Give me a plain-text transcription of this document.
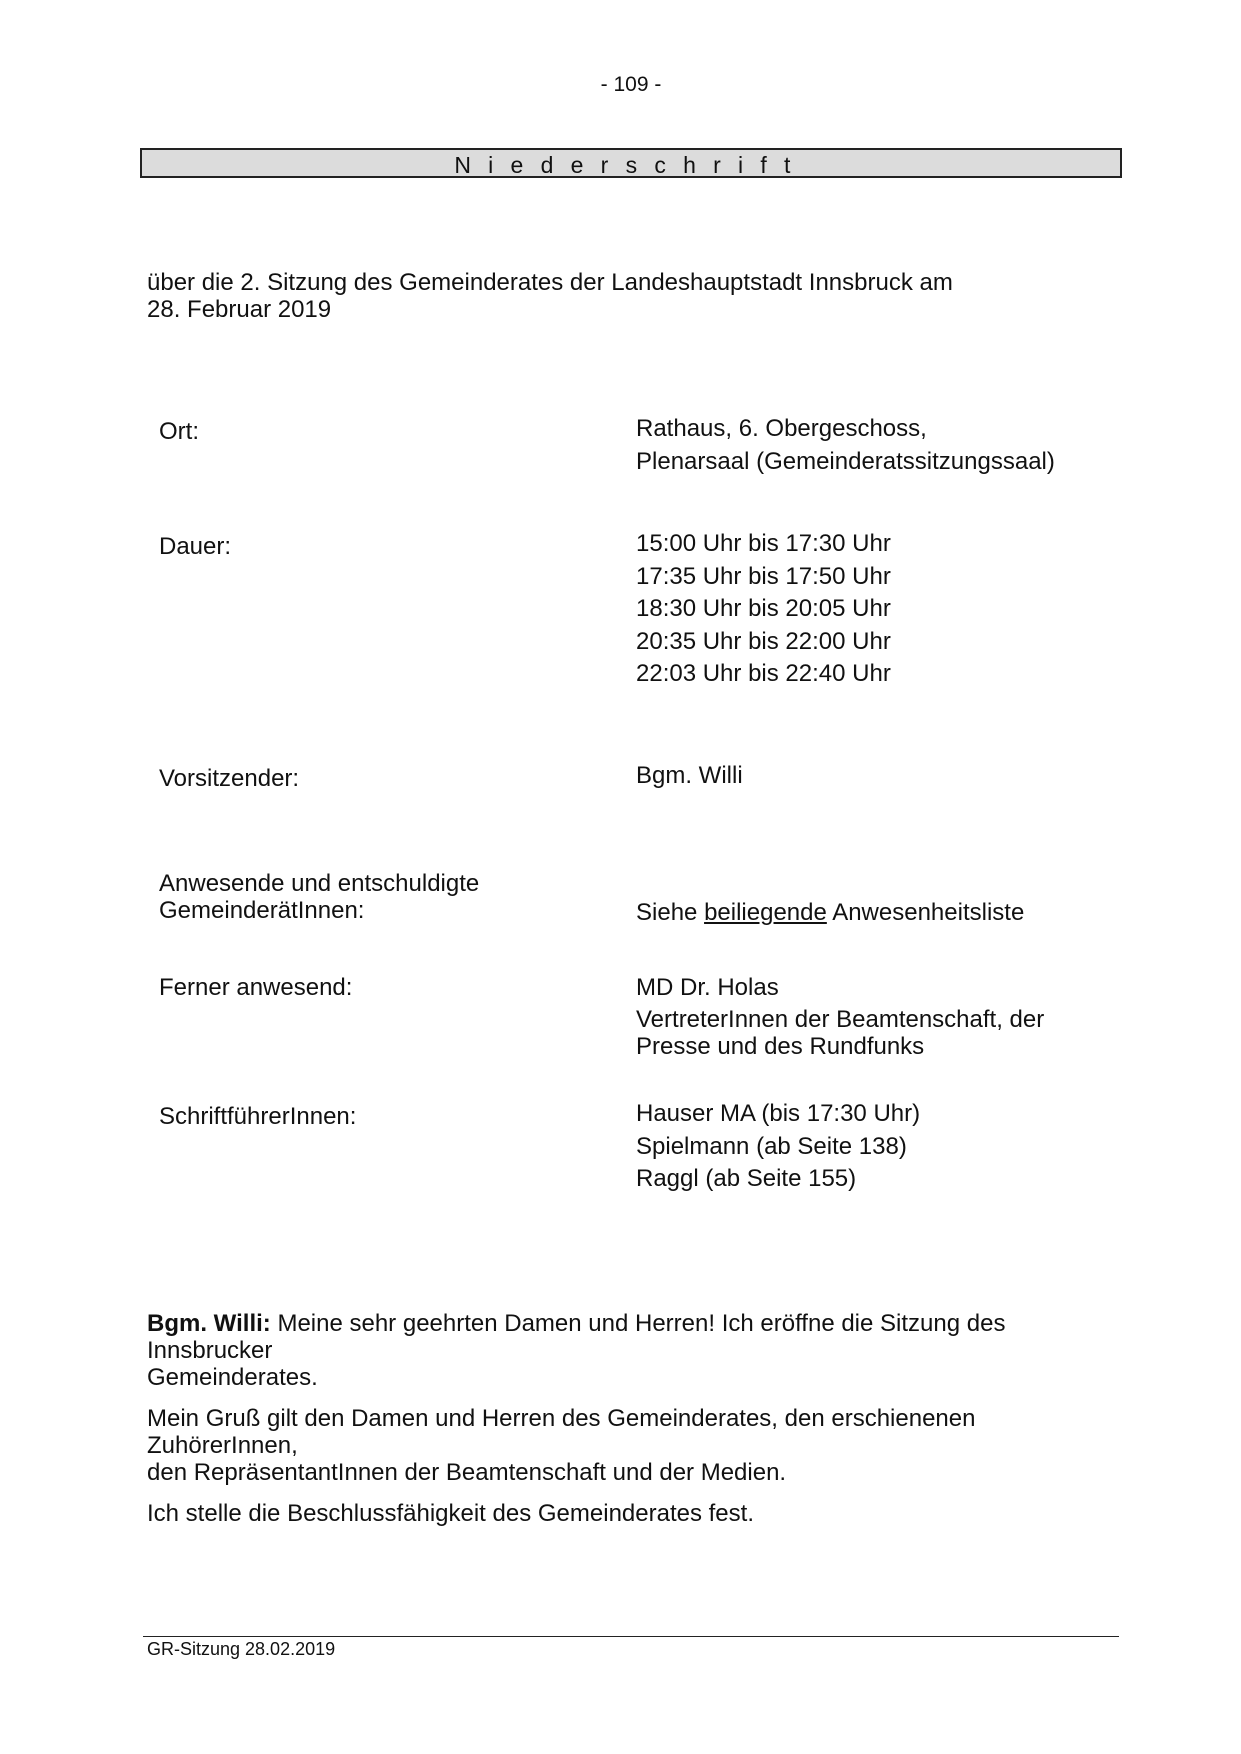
- 109 -
Niederschrift
über die 2. Sitzung des Gemeinderates der Landeshauptstadt Innsbruck am
28. Februar 2019
Ort:	Rathaus, 6. Obergeschoss,
Plenarsaal (Gemeinderatssitzungssaal)
Dauer:	15:00 Uhr bis 17:30 Uhr
17:35 Uhr bis 17:50 Uhr
18:30 Uhr bis 20:05 Uhr
20:35 Uhr bis 22:00 Uhr
22:03 Uhr bis 22:40 Uhr
Vorsitzender:	Bgm. Willi
Anwesende und entschuldigte
GemeinderätInnen:	Siehe beiliegende Anwesenheitsliste
Ferner anwesend:	MD Dr. Holas
VertreterInnen der Beamtenschaft, der
Presse und des Rundfunks
SchriftführerInnen:	Hauser MA (bis 17:30 Uhr)
Spielmann (ab Seite 138)
Raggl (ab Seite 155)

Bgm. Willi: Meine sehr geehrten Damen und Herren! Ich eröffne die Sitzung des Innsbrucker
Gemeinderates.

Mein Gruß gilt den Damen und Herren des Gemeinderates, den erschienenen ZuhörerInnen,
den RepräsentantInnen der Beamtenschaft und der Medien.

Ich stelle die Beschlussfähigkeit des Gemeinderates fest.

GR-Sitzung 28.02.2019
